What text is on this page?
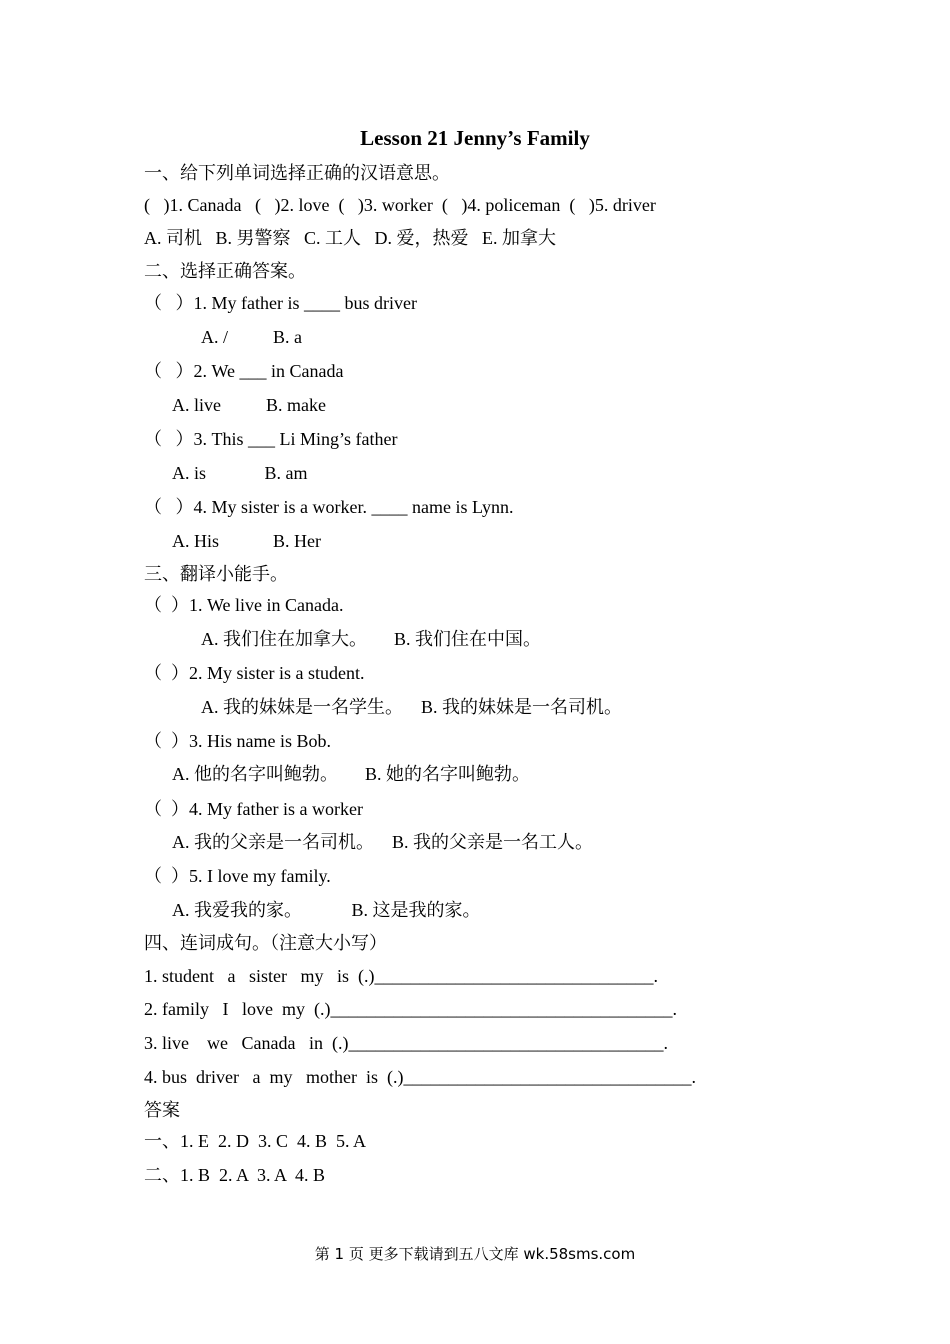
Lesson 21 Jenny’s Family
一、给下列单词选择正确的汉语意思。
(   )1. Canada   (   )2. love  (   )3. worker  (   )4. policeman  (   )5. driver
A. 司机   B. 男警察   C. 工人   D. 爱，热爱   E. 加拿大
二、选择正确答案。
（   ）1. My father is ____ bus driver
A. /          B. a
（   ）2. We ___ in Canada
A. live          B. make
（   ）3. This ___ Li Ming’s father
A. is             B. am
（   ）4. My sister is a worker. ____ name is Lynn.
A. His            B. Her
三、翻译小能手。
（  ）1. We live in Canada.
A. 我们住在加拿大。      B. 我们住在中国。
（  ）2. My sister is a student.
A. 我的妹妹是一名学生。    B. 我的妹妹是一名司机。
（  ）3. His name is Bob.
A. 他的名字叫鲍勃。      B. 她的名字叫鲍勃。
（  ）4. My father is a worker
A. 我的父亲是一名司机。    B. 我的父亲是一名工人。
（  ）5. I love my family.
A. 我爱我的家。           B. 这是我的家。
四、连词成句。（注意大小写）
1. student   a   sister   my   is  (.)_______________________________.
2. family   I   love  my  (.)______________________________________.
3. live    we   Canada   in  (.)___________________________________.
4. bus  driver   a  my   mother  is  (.)________________________________.
答案
一、1. E  2. D  3. C  4. B  5. A
二、1. B  2. A  3. A  4. B
第 1 页 更多下载请到五八文库 wk.58sms.com
